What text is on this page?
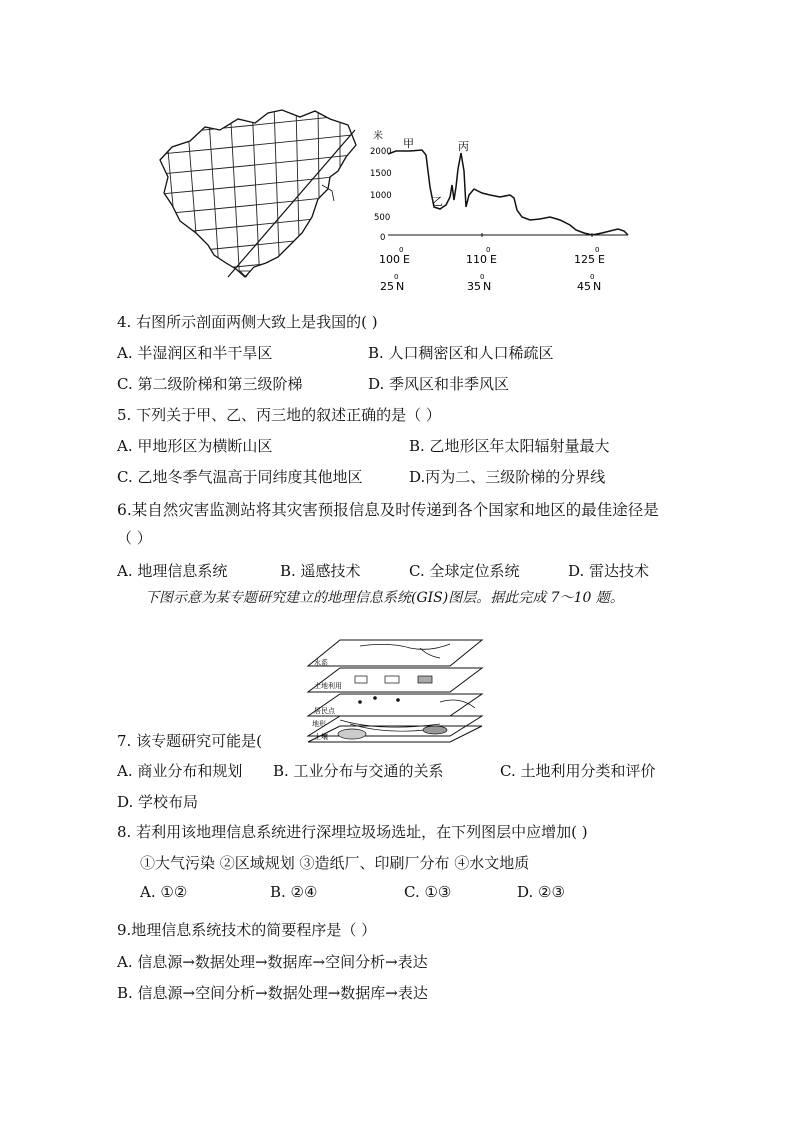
米
2000
1500
1000
500
0
甲	丙
乙
0
100 E
0
25 N
0
110 E
0
35 N
0
125 E
0
45 N
4. 右图所示剖面两侧大致上是我国的( )
A. 半湿润区和半干旱区	B. 人口稠密区和人口稀疏区
C. 第二级阶梯和第三级阶梯	D. 季风区和非季风区
5. 下列关于甲、乙、丙三地的叙述正确的是（ ）
A. 甲地形区为横断山区	B. 乙地形区年太阳辐射量最大
C. 乙地冬季气温高于同纬度其他地区	D.丙为二、三级阶梯的分界线
6.某自然灾害监测站将其灾害预报信息及时传递到各个国家和地区的最佳途径是
（ ）
A. 地理信息系统	B. 遥感技术	C. 全球定位系统	D. 雷达技术
下图示意为某专题研究建立的地理信息系统(GIS)图层。据此完成 7～10 题。
水系
土地利用
居民点
地形
土壤
7. 该专题研究可能是(
A. 商业分布和规划 B. 工业分布与交通的关系	C. 土地利用分类和评价
D. 学校布局
8. 若利用该地理信息系统进行深埋垃圾场选址，在下列图层中应增加( )
①大气污染 ②区域规划 ③造纸厂、印刷厂分布 ④水文地质
A. ①②	B. ②④	C. ①③	D. ②③
9.地理信息系统技术的简要程序是（ ）
A. 信息源→数据处理→数据库→空间分析→表达
B. 信息源→空间分析→数据处理→数据库→表达
